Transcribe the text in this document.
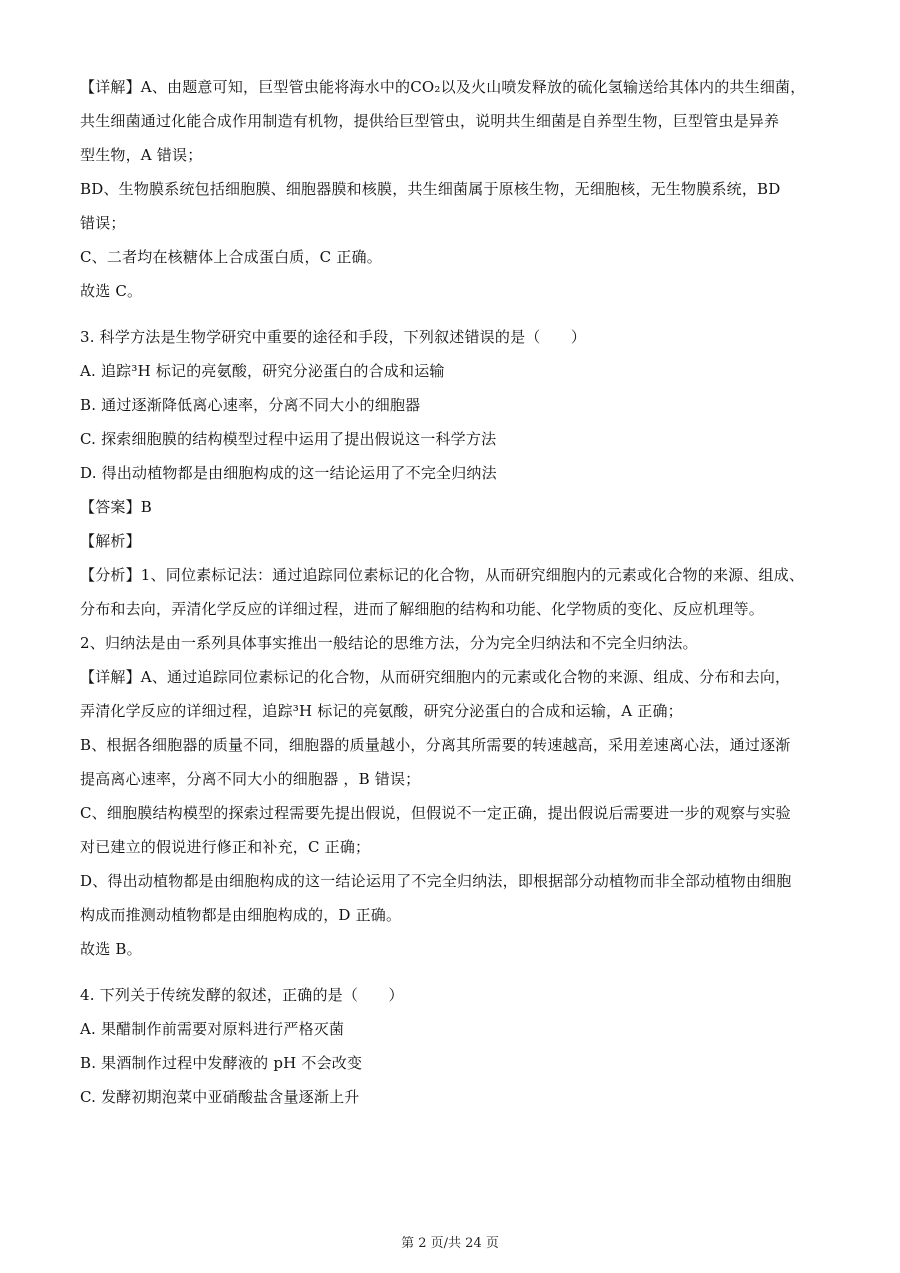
【详解】A、由题意可知，巨型管虫能将海水中的CO₂以及火山喷发释放的硫化氢输送给其体内的共生细菌，
共生细菌通过化能合成作用制造有机物，提供给巨型管虫，说明共生细菌是自养型生物，巨型管虫是异养
型生物，A 错误；
BD、生物膜系统包括细胞膜、细胞器膜和核膜，共生细菌属于原核生物，无细胞核，无生物膜系统，BD
错误；
C、二者均在核糖体上合成蛋白质，C 正确。
故选 C。
3. 科学方法是生物学研究中重要的途径和手段，下列叙述错误的是（　　）
A. 追踪³H 标记的亮氨酸，研究分泌蛋白的合成和运输
B. 通过逐渐降低离心速率，分离不同大小的细胞器
C. 探索细胞膜的结构模型过程中运用了提出假说这一科学方法
D. 得出动植物都是由细胞构成的这一结论运用了不完全归纳法
【答案】B
【解析】
【分析】1、同位素标记法：通过追踪同位素标记的化合物，从而研究细胞内的元素或化合物的来源、组成、
分布和去向，弄清化学反应的详细过程，进而了解细胞的结构和功能、化学物质的变化、反应机理等。
2、归纳法是由一系列具体事实推出一般结论的思维方法，分为完全归纳法和不完全归纳法。
【详解】A、通过追踪同位素标记的化合物，从而研究细胞内的元素或化合物的来源、组成、分布和去向，
弄清化学反应的详细过程，追踪³H 标记的亮氨酸，研究分泌蛋白的合成和运输，A 正确；
B、根据各细胞器的质量不同，细胞器的质量越小，分离其所需要的转速越高，采用差速离心法，通过逐渐
提高离心速率，分离不同大小的细胞器 ，B 错误；
C、细胞膜结构模型的探索过程需要先提出假说，但假说不一定正确，提出假说后需要进一步的观察与实验
对已建立的假说进行修正和补充，C 正确；
D、得出动植物都是由细胞构成的这一结论运用了不完全归纳法，即根据部分动植物而非全部动植物由细胞
构成而推测动植物都是由细胞构成的，D 正确。
故选 B。
4. 下列关于传统发酵的叙述，正确的是（　　）
A. 果醋制作前需要对原料进行严格灭菌
B. 果酒制作过程中发酵液的 pH 不会改变
C. 发酵初期泡菜中亚硝酸盐含量逐渐上升
第 2 页/共 24 页
